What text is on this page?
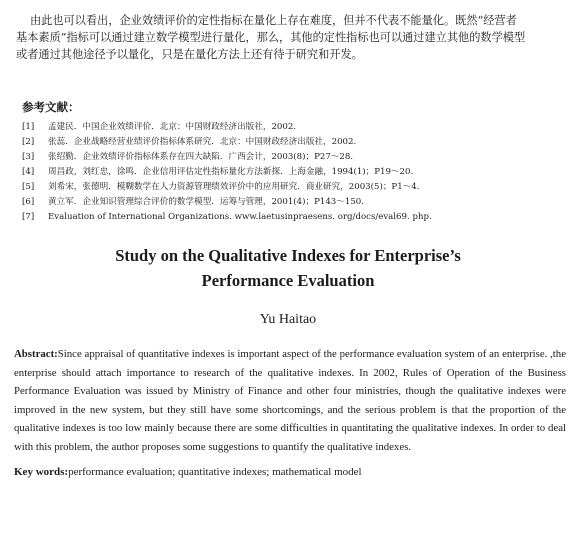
由此也可以看出，企业效绩评价的定性指标在量化上存在难度，但并不代表不能量化。既然“经营者
基本素质”指标可以通过建立数学模型进行量化，那么，其他的定性指标也可以通过建立其他的数学模型
或者通过其他途径予以量化，只是在量化方法上还有待于研究和开发。
参考文献：
[1] 孟建民．中国企业效绩评价．北京：中国财政经济出版社，2002.
[2] 张蕊．企业战略经营业绩评价指标体系研究．北京：中国财政经济出版社，2002.
[3] 张绍勤．企业效绩评价指标体系存在四大缺陷．广西会计，2003(8)；P27～28.
[4] 周昌政，刘红忠，徐鸣．企业信用评估定性指标量化方法新探．上海金融，1994(1)；P19～20.
[5] 刘希宋，张德明．模糊数学在人力资源管理绩效评价中的应用研究．商业研究，2003(5)；P1～4.
[6] 黄立军．企业知识管理综合评价的数学模型．运筹与管理，2001(4)；P143～150.
[7] Evaluation of International Organizations. www.laetusinpraesens. org/docs/eval69. php.
Study on the Qualitative Indexes for Enterprise’s
Performance Evaluation
Yu Haitao
Abstract:Since appraisal of quantitative indexes is important aspect of the performance evaluation system of an enterprise. ,the enterprise should attach importance to research of the qualitative indexes. In 2002, Rules of Operation of the Business Performance Evaluation was issued by Ministry of Finance and other four ministries, though the qualitative indexes were improved in the new system, but they still have some shortcomings, and the serious problem is that the proportion of the qualitative indexes is too low mainly because there are some difficulties in quantitating the qualitative indexes. In order to deal with this problem, the author proposes some suggestions to quantify the qualitative indexes.
Key words:performance evaluation; quantitative indexes; mathematical model
